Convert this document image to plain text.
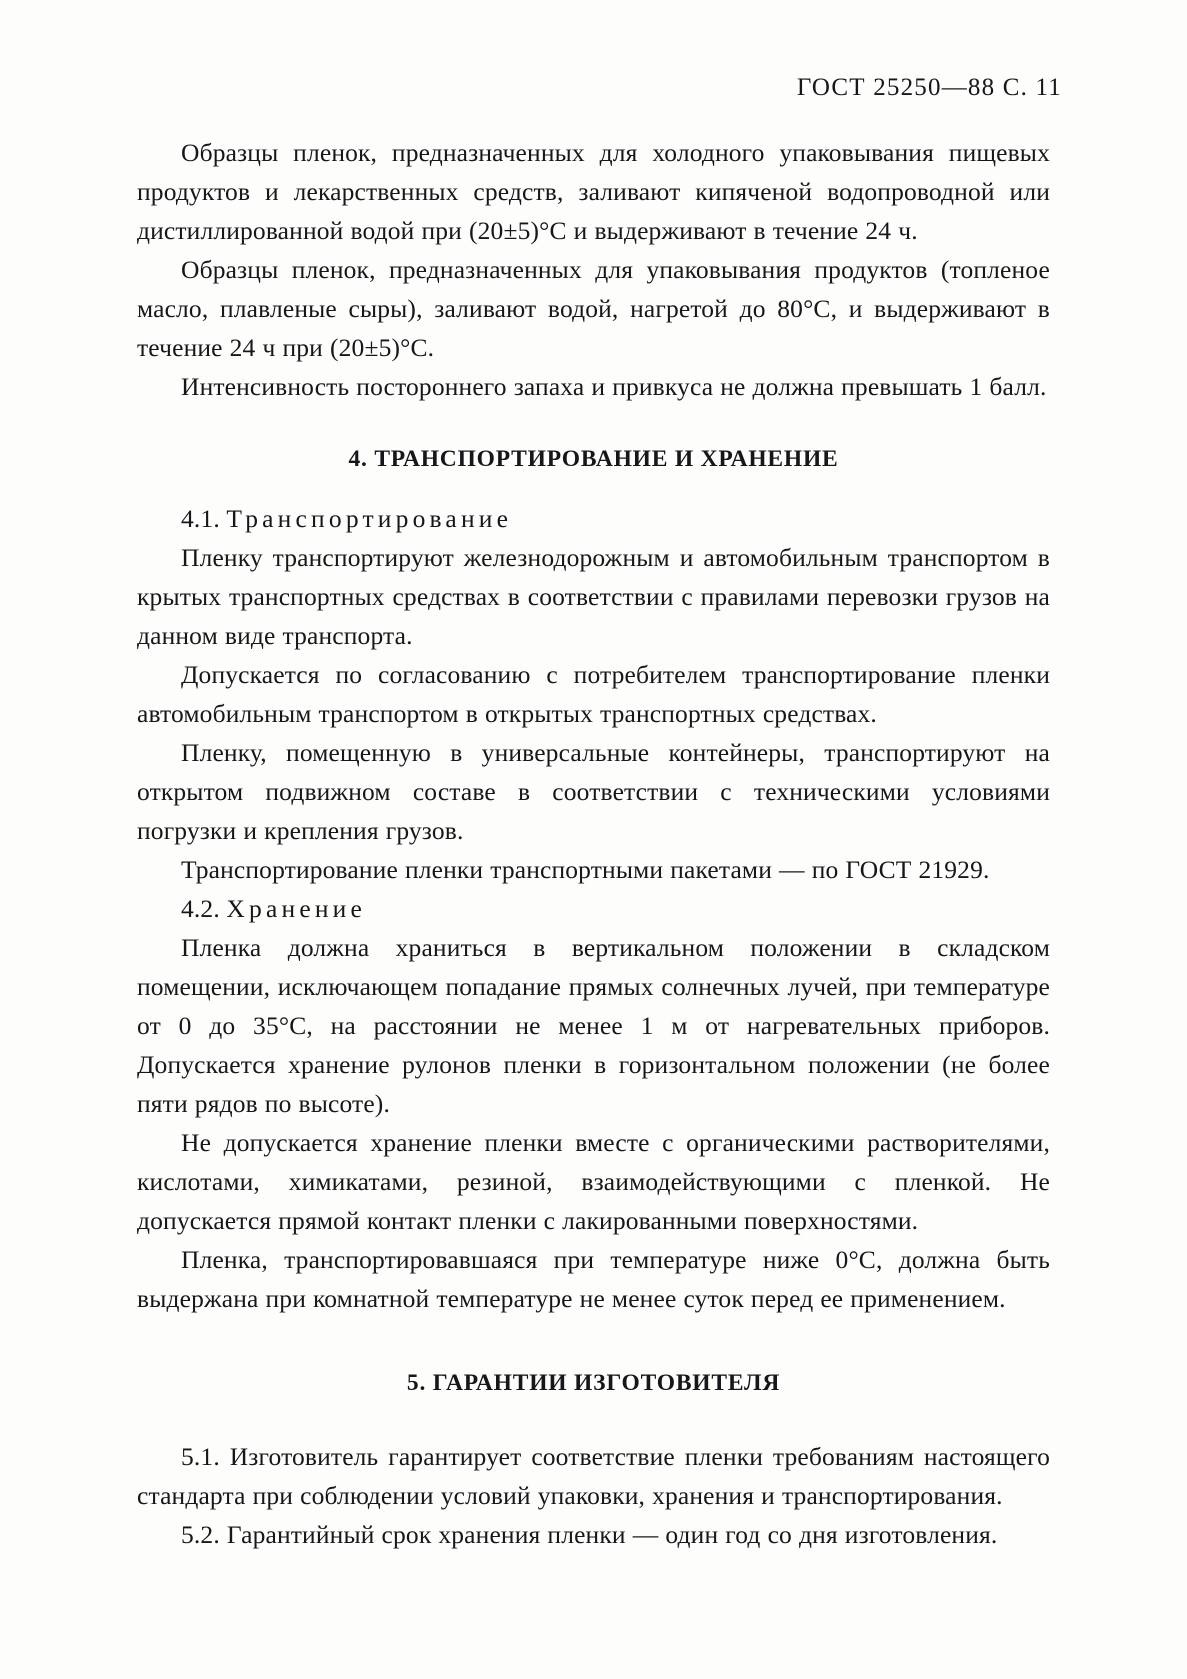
ГОСТ 25250—88 С. 11

Образцы пленок, предназначенных для холодного упаковывания пищевых продуктов и лекарственных средств, заливают кипяченой водопроводной или дистиллированной водой при (20±5)°С и выдерживают в течение 24 ч.

Образцы пленок, предназначенных для упаковывания продуктов (топленое масло, плавленые сыры), заливают водой, нагретой до 80°С, и выдерживают в течение 24 ч при (20±5)°С.

Интенсивность постороннего запаха и привкуса не должна превышать 1 балл.

4. ТРАНСПОРТИРОВАНИЕ И ХРАНЕНИЕ
4.1. Транспортирование

Пленку транспортируют железнодорожным и автомобильным транспортом в крытых транспортных средствах в соответствии с правилами перевозки грузов на данном виде транспорта.

Допускается по согласованию с потребителем транспортирование пленки автомобильным транспортом в открытых транспортных средствах.

Пленку, помещенную в универсальные контейнеры, транспортируют на открытом подвижном составе в соответствии с техническими условиями погрузки и крепления грузов.

Транспортирование пленки транспортными пакетами — по ГОСТ 21929.

4.2. Хранение

Пленка должна храниться в вертикальном положении в складском помещении, исключающем попадание прямых солнечных лучей, при температуре от 0 до 35°С, на расстоянии не менее 1 м от нагревательных приборов. Допускается хранение рулонов пленки в горизонтальном положении (не более пяти рядов по высоте).

Не допускается хранение пленки вместе с органическими растворителями, кислотами, химикатами, резиной, взаимодействующими с пленкой. Не допускается прямой контакт пленки с лакированными поверхностями.

Пленка, транспортировавшаяся при температуре ниже 0°С, должна быть выдержана при комнатной температуре не менее суток перед ее применением.

5. ГАРАНТИИ ИЗГОТОВИТЕЛЯ

5.1. Изготовитель гарантирует соответствие пленки требованиям настоящего стандарта при соблюдении условий упаковки, хранения и транспортирования.

5.2. Гарантийный срок хранения пленки — один год со дня изготовления.
